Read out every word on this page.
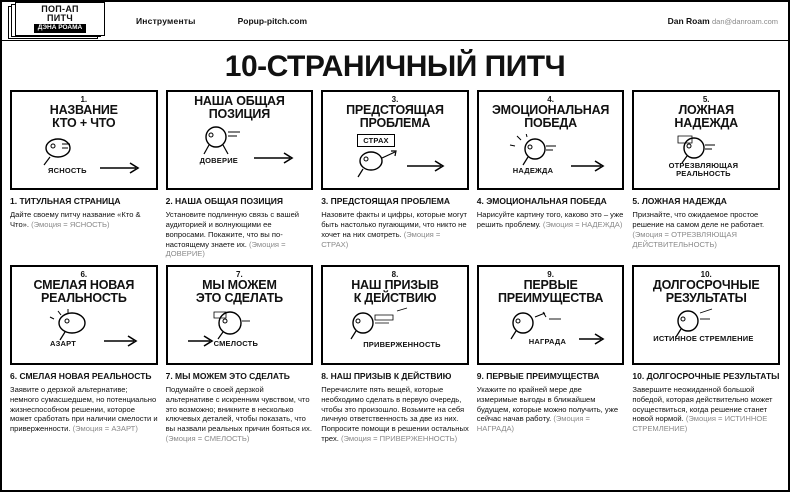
ПОП-АП
ПИТЧ
ДЭНА РОАМА
Инструменты	Popup-pitch.com	Dan Roam dan@danroam.com
10-СТРАНИЧНЫЙ ПИТЧ
1.
НАЗВАНИЕ
КТО + ЧТО
ЯСНОСТЬ
1. ТИТУЛЬНАЯ СТРАНИЦА
Дайте своему питчу название «Кто & Что». (Эмоция = ЯСНОСТЬ)
НАША ОБЩАЯ
ПОЗИЦИЯ
ДОВЕРИЕ
2. НАША ОБЩАЯ ПОЗИЦИЯ
Установите подлинную связь с вашей аудиторией и волнующими ее вопросами. Покажите, что вы по-настоящему знаете их. (Эмоция = ДОВЕРИЕ)
3.
ПРЕДСТОЯЩАЯ
ПРОБЛЕМА
СТРАХ
3. ПРЕДСТОЯЩАЯ ПРОБЛЕМА
Назовите факты и цифры, которые могут быть настолько пугающими, что никто не хочет на них смотреть. (Эмоция = СТРАХ)
4.
ЭМОЦИОНАЛЬНАЯ
ПОБЕДА
НАДЕЖДА
4. ЭМОЦИОНАЛЬНАЯ ПОБЕДА
Нарисуйте картину того, каково это – уже решить проблему. (Эмоция = НАДЕЖДА)
5.
ЛОЖНАЯ
НАДЕЖДА
ОТРЕЗВЛЯЮЩАЯ РЕАЛЬНОСТЬ
5. ЛОЖНАЯ НАДЕЖДА
Признайте, что ожидаемое простое решение на самом деле не работает. (Эмоция = ОТРЕЗВЛЯЮЩАЯ ДЕЙСТВИТЕЛЬНОСТЬ)
6.
СМЕЛАЯ НОВАЯ
РЕАЛЬНОСТЬ
АЗАРТ
6. СМЕЛАЯ НОВАЯ РЕАЛЬНОСТЬ
Заявите о дерзкой альтернативе; немного сумасшедшем, но потенциально жизнеспособном решении, которое может сработать при наличии смелости и приверженности. (Эмоция = АЗАРТ)
7.
МЫ МОЖЕМ
ЭТО СДЕЛАТЬ
СМЕЛОСТЬ
7. МЫ МОЖЕМ ЭТО СДЕЛАТЬ
Подумайте о своей дерзкой альтернативе с искренним чувством, что это возможно; вникните в несколько ключевых деталей, чтобы показать, что вы назвали реальных причин бояться их. (Эмоция = СМЕЛОСТЬ)
8.
НАШ ПРИЗЫВ
К ДЕЙСТВИЮ
ПРИВЕРЖЕННОСТЬ
8. НАШ ПРИЗЫВ К ДЕЙСТВИЮ
Перечислите пять вещей, которые необходимо сделать в первую очередь, чтобы это произошло. Возьмите на себя личную ответственность за две из них. Попросите помощи в решении остальных трех. (Эмоция = ПРИВЕРЖЕННОСТЬ)
9.
ПЕРВЫЕ
ПРЕИМУЩЕСТВА
НАГРАДА
9. ПЕРВЫЕ ПРЕИМУЩЕСТВА
Укажите по крайней мере две измеримые выгоды в ближайшем будущем, которые можно получить, уже сейчас начав работу. (Эмоция = НАГРАДА)
10.
ДОЛГОСРОЧНЫЕ
РЕЗУЛЬТАТЫ
ИСТИННОЕ СТРЕМЛЕНИЕ
10. ДОЛГОСРОЧНЫЕ РЕЗУЛЬТАТЫ
Завершите неожиданной большой победой, которая действительно может осуществиться, когда решение станет новой нормой. (Эмоция = ИСТИННОЕ СТРЕМЛЕНИЕ)
